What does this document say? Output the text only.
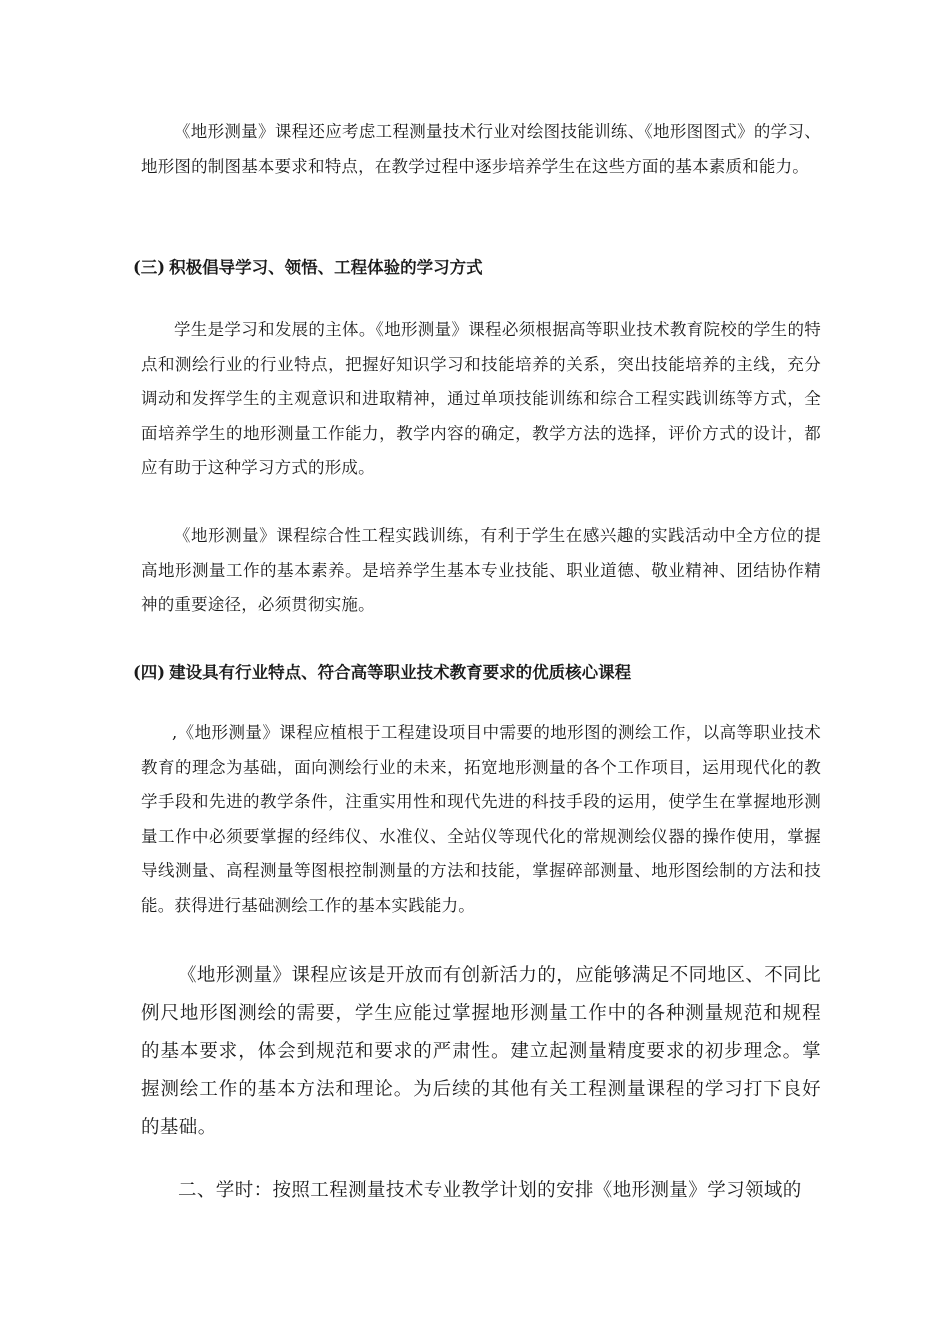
《地形测量》课程还应考虑工程测量技术行业对绘图技能训练、《地形图图式》的学习、地形图的制图基本要求和特点，在教学过程中逐步培养学生在这些方面的基本素质和能力。

(三) 积极倡导学习、领悟、工程体验的学习方式

学生是学习和发展的主体。《地形测量》课程必须根据高等职业技术教育院校的学生的特点和测绘行业的行业特点，把握好知识学习和技能培养的关系，突出技能培养的主线，充分调动和发挥学生的主观意识和进取精神，通过单项技能训练和综合工程实践训练等方式，全面培养学生的地形测量工作能力，教学内容的确定，教学方法的选择，评价方式的设计，都应有助于这种学习方式的形成。

《地形测量》课程综合性工程实践训练，有利于学生在感兴趣的实践活动中全方位的提高地形测量工作的基本素养。是培养学生基本专业技能、职业道德、敬业精神、团结协作精神的重要途径，必须贯彻实施。

(四) 建设具有行业特点、符合高等职业技术教育要求的优质核心课程

,《地形测量》课程应植根于工程建设项目中需要的地形图的测绘工作，以高等职业技术教育的理念为基础，面向测绘行业的未来，拓宽地形测量的各个工作项目，运用现代化的教学手段和先进的教学条件，注重实用性和现代先进的科技手段的运用，使学生在掌握地形测量工作中必须要掌握的经纬仪、水准仪、全站仪等现代化的常规测绘仪器的操作使用，掌握导线测量、高程测量等图根控制测量的方法和技能，掌握碎部测量、地形图绘制的方法和技能。获得进行基础测绘工作的基本实践能力。

《地形测量》课程应该是开放而有创新活力的，应能够满足不同地区、不同比例尺地形图测绘的需要，学生应能过掌握地形测量工作中的各种测量规范和规程的基本要求，体会到规范和要求的严肃性。建立起测量精度要求的初步理念。掌握测绘工作的基本方法和理论。为后续的其他有关工程测量课程的学习打下良好的基础。

二、学时：按照工程测量技术专业教学计划的安排《地形测量》学习领域的
